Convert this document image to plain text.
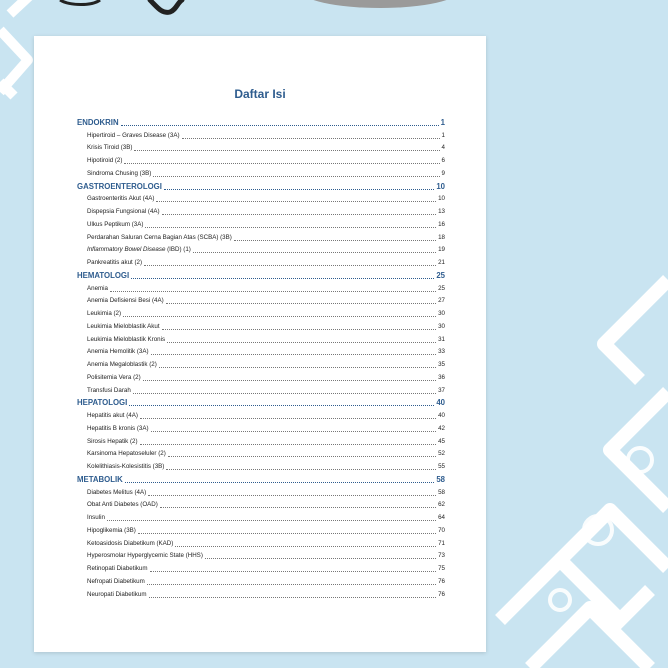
Daftar Isi
ENDOKRIN	1
Hipertiroid – Graves Disease (3A)	1
Krisis Tiroid (3B)	4
Hipotiroid (2)	6
Sindroma Chusing (3B)	9
GASTROENTEROLOGI	10
Gastroenteritis Akut (4A)	10
Dispepsia Fungsional (4A)	13
Ulkus Peptikum (3A)	16
Perdarahan Saluran Cerna Bagian Atas (SCBA) (3B)	18
Inflammatory Bowel Disease (IBD) (1)	19
Pankreatitis akut (2)	21
HEMATOLOGI	25
Anemia	25
Anemia Defisiensi Besi (4A)	27
Leukimia (2)	30
Leukimia Mieloblastik Akut	30
Leukimia Mieloblastik Kronis	31
Anemia Hemolitik (3A)	33
Anemia Megaloblastik (2)	35
Polisitemia Vera (2)	36
Transfusi Darah	37
HEPATOLOGI	40
Hepatitis akut (4A)	40
Hepatitis B kronis (3A)	42
Sirosis Hepatik (2)	45
Karsinoma Hepatoseluler (2)	52
Kolelithiasis-Kolesistitis (3B)	55
METABOLIK	58
Diabetes Melitus (4A)	58
Obat Anti Diabetes (OAD)	62
Insulin	64
Hipoglikemia (3B)	70
Ketoasidosis Diabetikum (KAD)	71
Hyperosmolar Hyperglycemic State (HHS)	73
Retinopati Diabetikum	75
Nefropati Diabetikum	76
Neuropati Diabetikum	76
